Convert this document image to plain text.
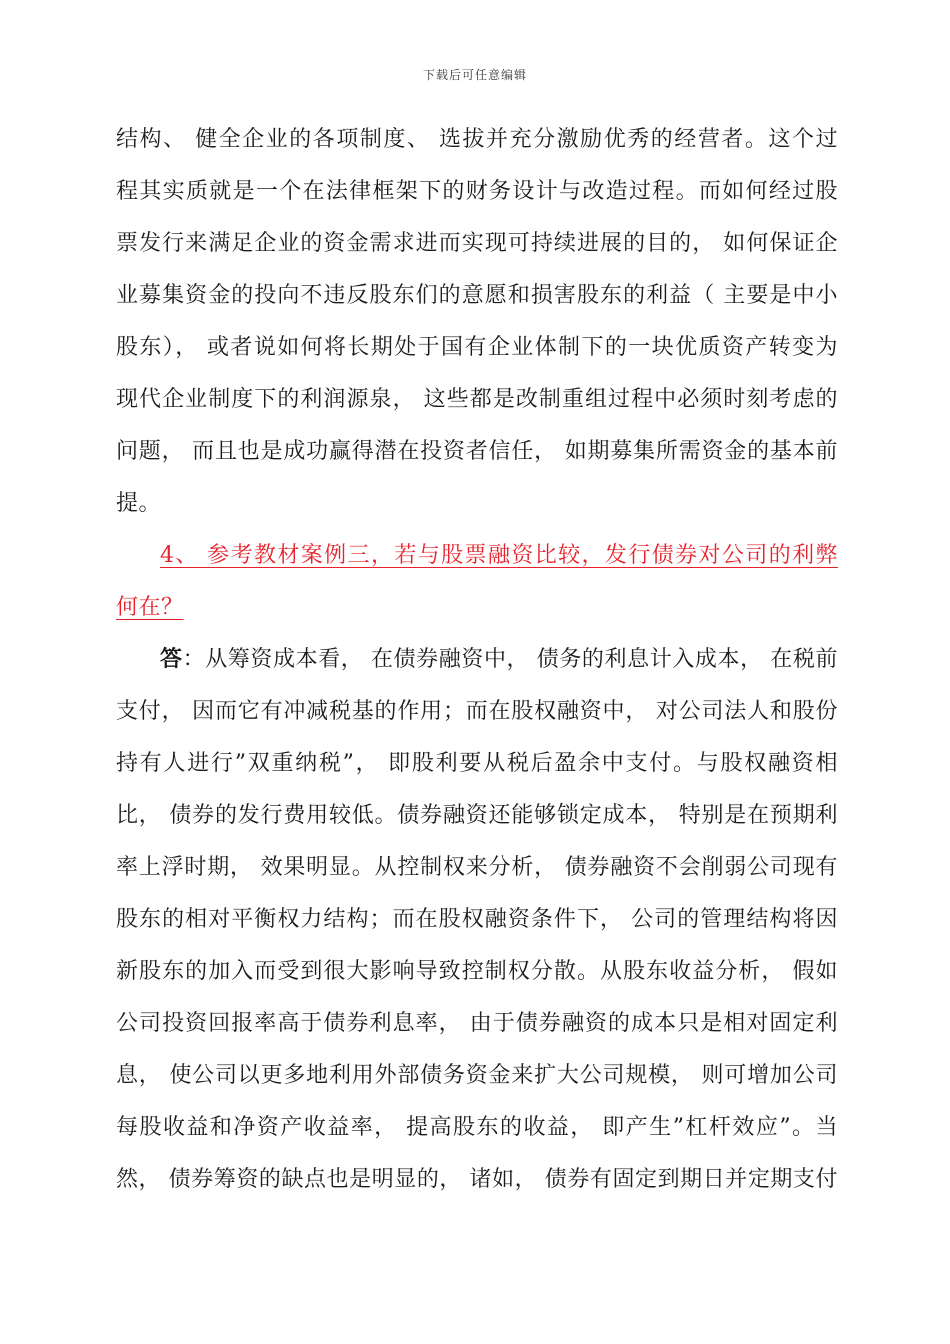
下载后可任意编辑
结构、 健全企业的各项制度、 选拔并充分激励优秀的经营者。这个过
程其实质就是一个在法律框架下的财务设计与改造过程。而如何经过股
票发行来满足企业的资金需求进而实现可持续进展的目的， 如何保证企
业募集资金的投向不违反股东们的意愿和损害股东的利益（ 主要是中小
股东）， 或者说如何将长期处于国有企业体制下的一块优质资产转变为
现代企业制度下的利润源泉， 这些都是改制重组过程中必须时刻考虑的
问题， 而且也是成功赢得潜在投资者信任， 如期募集所需资金的基本前
提。
4、 参考教材案例三，若与股票融资比较，发行债券对公司的利弊
何在？
答：从筹资成本看， 在债券融资中， 债务的利息计入成本， 在税前
支付， 因而它有冲减税基的作用；而在股权融资中， 对公司法人和股份
持有人进行”双重纳税”， 即股利要从税后盈余中支付。与股权融资相
比， 债券的发行费用较低。债券融资还能够锁定成本， 特别是在预期利
率上浮时期， 效果明显。从控制权来分析， 债券融资不会削弱公司现有
股东的相对平衡权力结构；而在股权融资条件下， 公司的管理结构将因
新股东的加入而受到很大影响导致控制权分散。从股东收益分析， 假如
公司投资回报率高于债券利息率， 由于债券融资的成本只是相对固定利
息， 使公司以更多地利用外部债务资金来扩大公司规模， 则可增加公司
每股收益和净资产收益率， 提高股东的收益， 即产生”杠杆效应”。当
然， 债券筹资的缺点也是明显的， 诸如， 债券有固定到期日并定期支付
